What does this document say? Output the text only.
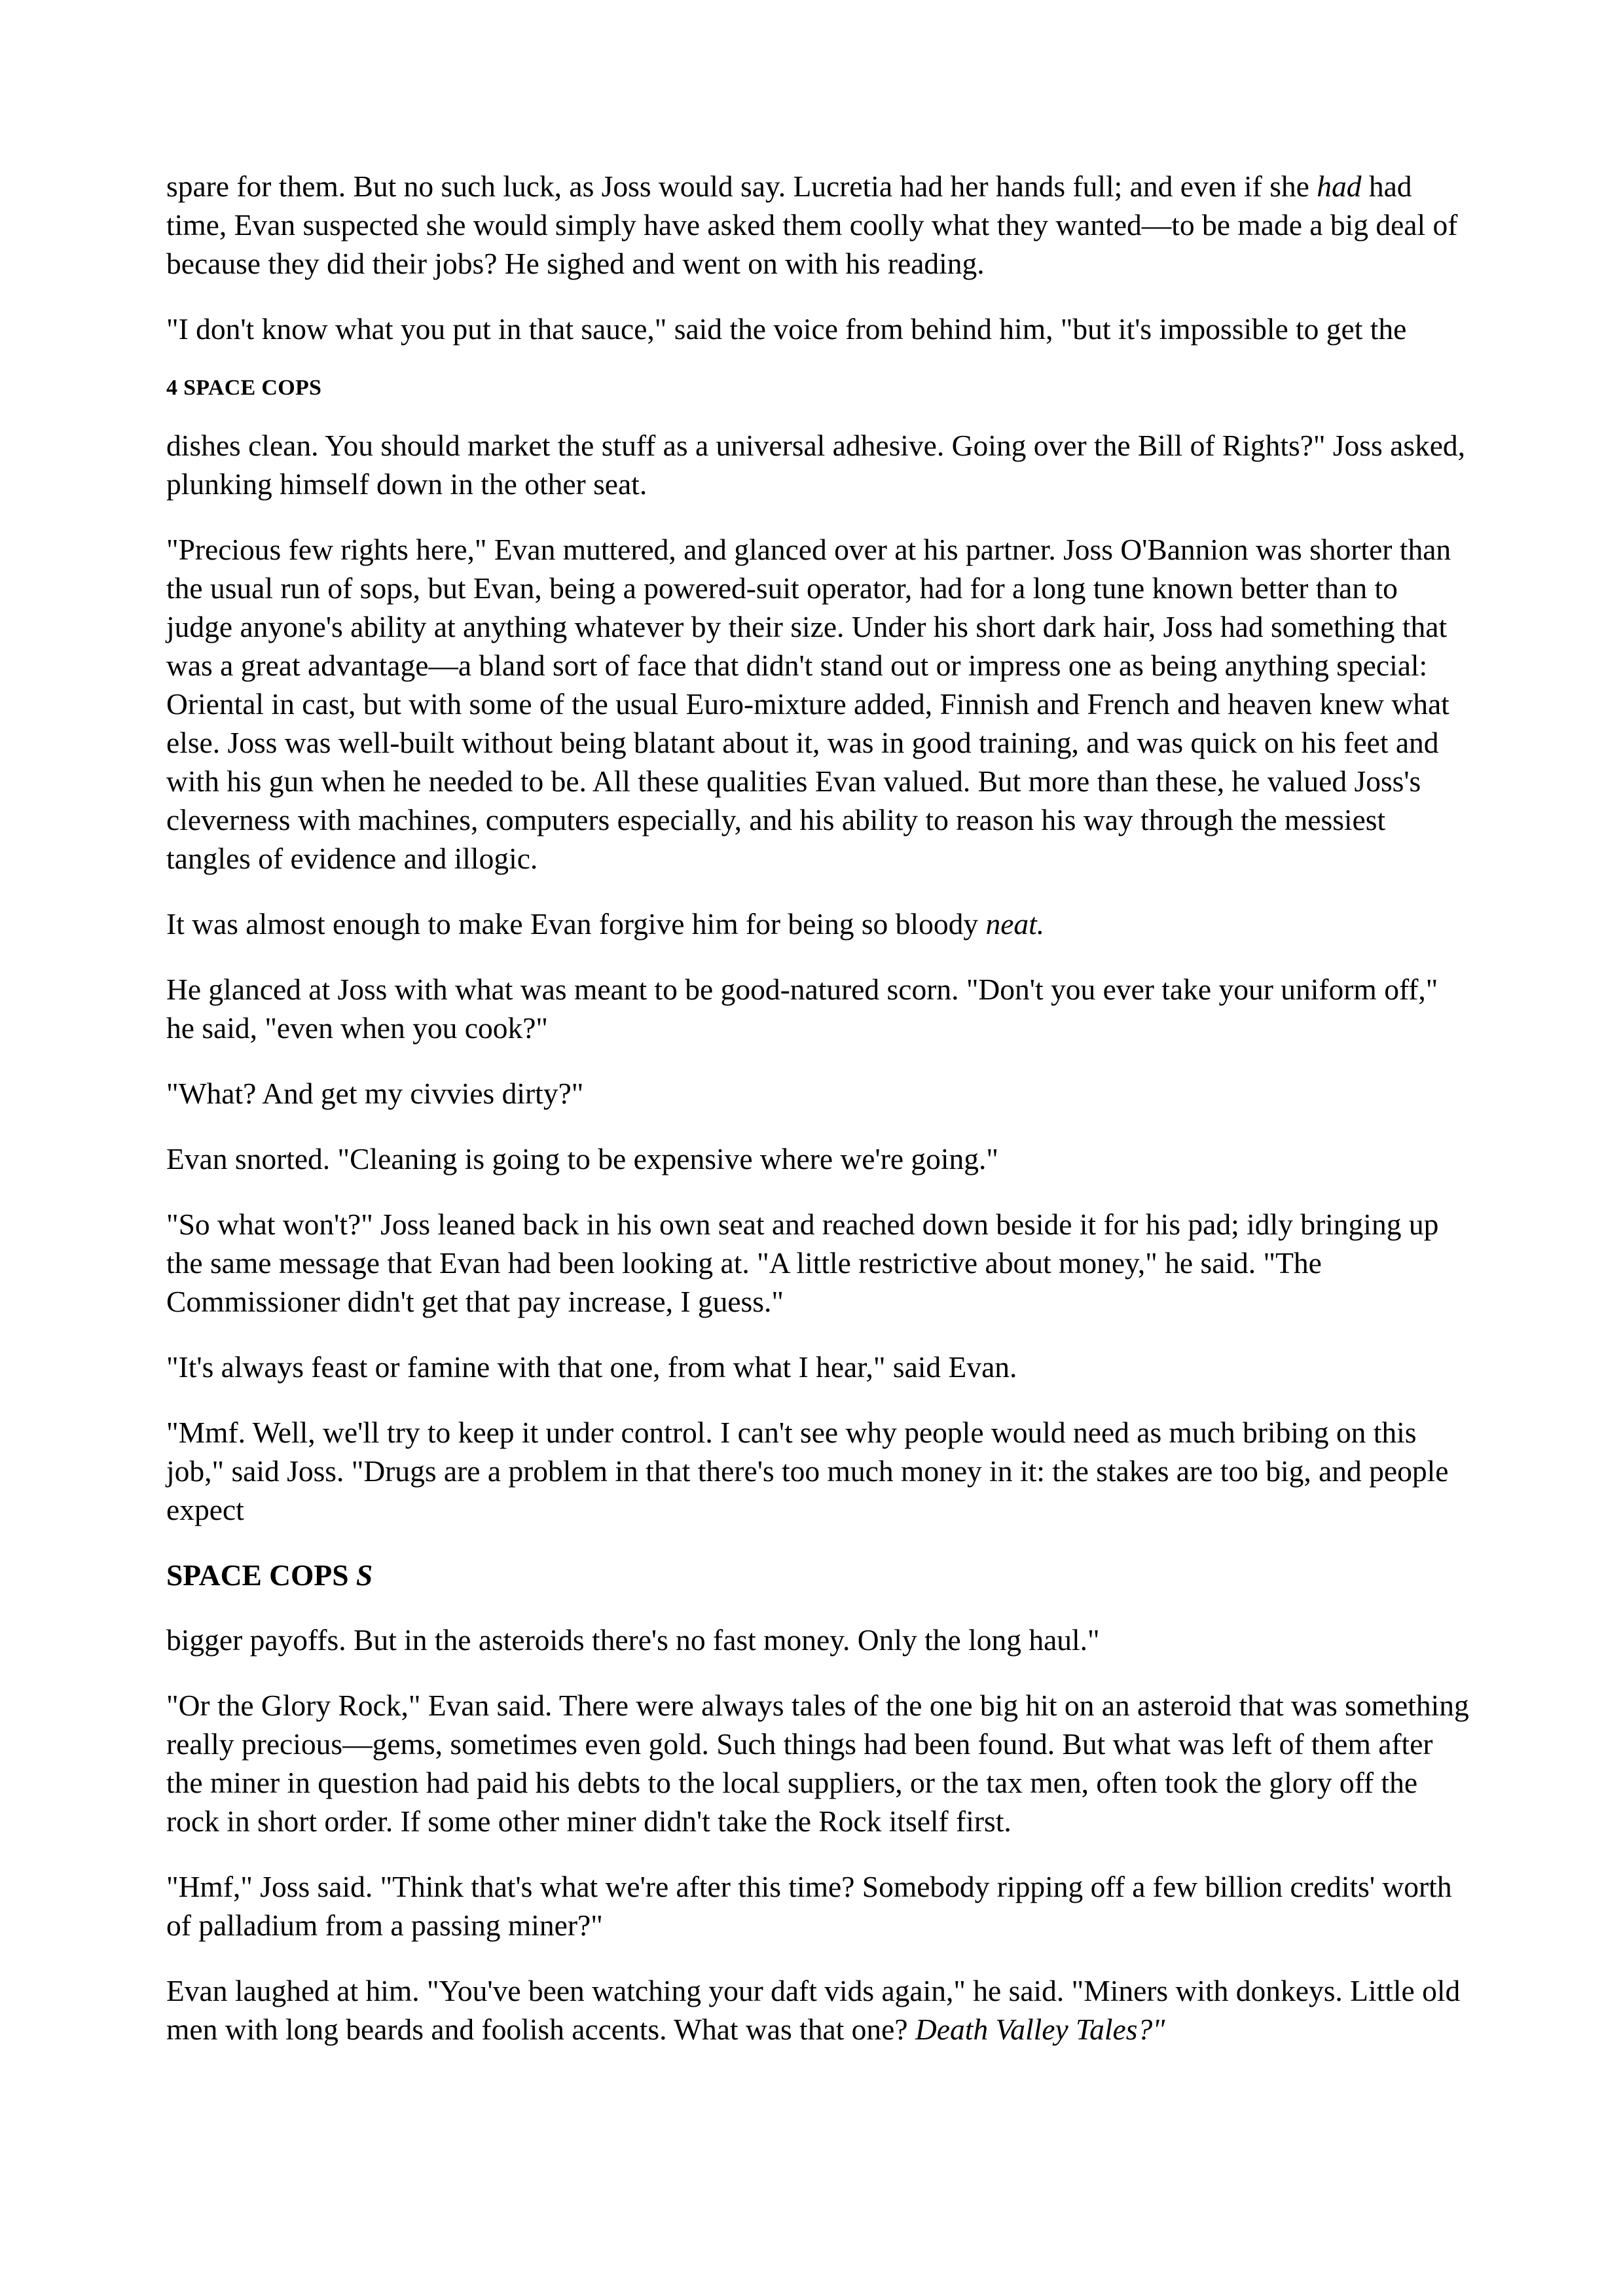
spare for them. But no such luck, as Joss would say. Lucretia had her hands full; and even if she had had time, Evan suspected she would simply have asked them coolly what they wanted—to be made a big deal of because they did their jobs? He sighed and went on with his reading.

"I don't know what you put in that sauce," said the voice from behind him, "but it's impossible to get the

4 SPACE COPS

dishes clean. You should market the stuff as a universal adhesive. Going over the Bill of Rights?" Joss asked, plunking himself down in the other seat.

"Precious few rights here," Evan muttered, and glanced over at his partner. Joss O'Bannion was shorter than the usual run of sops, but Evan, being a powered-suit operator, had for a long tune known better than to judge anyone's ability at anything whatever by their size. Under his short dark hair, Joss had something that was a great advantage—a bland sort of face that didn't stand out or impress one as being anything special: Oriental in cast, but with some of the usual Euro-mixture added, Finnish and French and heaven knew what else. Joss was well-built without being blatant about it, was in good training, and was quick on his feet and with his gun when he needed to be. All these qualities Evan valued. But more than these, he valued Joss's cleverness with machines, computers especially, and his ability to reason his way through the messiest tangles of evidence and illogic.

It was almost enough to make Evan forgive him for being so bloody neat.

He glanced at Joss with what was meant to be good-natured scorn. "Don't you ever take your uniform off," he said, "even when you cook?"

"What? And get my civvies dirty?"

Evan snorted. "Cleaning is going to be expensive where we're going."

"So what won't?" Joss leaned back in his own seat and reached down beside it for his pad; idly bringing up the same message that Evan had been looking at. "A little restrictive about money," he said. "The Commissioner didn't get that pay increase, I guess."

"It's always feast or famine with that one, from what I hear," said Evan.

"Mmf. Well, we'll try to keep it under control. I can't see why people would need as much bribing on this job," said Joss. "Drugs are a problem in that there's too much money in it: the stakes are too big, and people expect

SPACE COPS S

bigger payoffs. But in the asteroids there's no fast money. Only the long haul."

"Or the Glory Rock," Evan said. There were always tales of the one big hit on an asteroid that was something really precious—gems, sometimes even gold. Such things had been found. But what was left of them after the miner in question had paid his debts to the local suppliers, or the tax men, often took the glory off the rock in short order. If some other miner didn't take the Rock itself first.

"Hmf," Joss said. "Think that's what we're after this time? Somebody ripping off a few billion credits' worth of palladium from a passing miner?"

Evan laughed at him. "You've been watching your daft vids again," he said. "Miners with donkeys. Little old men with long beards and foolish accents. What was that one? Death Valley Tales?"
